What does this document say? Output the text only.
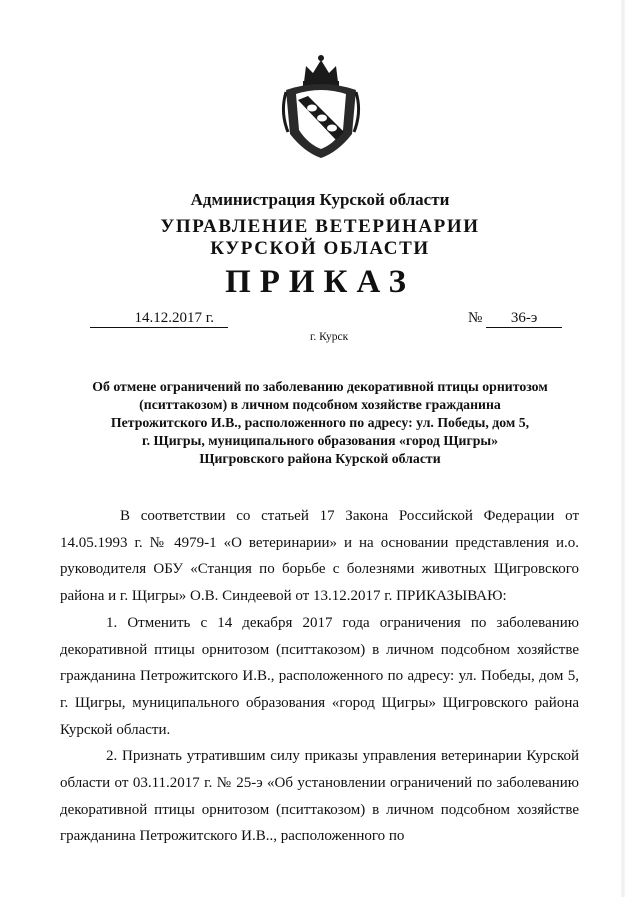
Администрация Курской области
УПРАВЛЕНИЕ ВЕТЕРИНАРИИ
КУРСКОЙ ОБЛАСТИ
ПРИКАЗ
14.12.2017 г.	№ 36-э
г. Курск
Об отмене ограничений по заболеванию декоративной птицы орнитозом
(пситтакозом) в личном подсобном хозяйстве гражданина
Петрожитского И.В., расположенного по адресу: ул. Победы, дом 5,
г. Щигры, муниципального образования «город Щигры»
Щигровского района Курской области

В соответствии со статьей 17 Закона Российской Федерации от 14.05.1993 г. № 4979-1 «О ветеринарии» и на основании представления и.о. руководителя ОБУ «Станция по борьбе с болезнями животных Щигровского района и г. Щигры» О.В. Синдеевой от 13.12.2017 г. ПРИКАЗЫВАЮ:

1. Отменить с 14 декабря 2017 года ограничения по заболеванию декоративной птицы орнитозом (пситтакозом) в личном подсобном хозяйстве гражданина Петрожитского И.В., расположенного по адресу: ул. Победы, дом 5, г. Щигры, муниципального образования «город Щигры» Щигровского района Курской области.

2. Признать утратившим силу приказы управления ветеринарии Курской области от 03.11.2017 г. № 25-э «Об установлении ограничений по заболеванию декоративной птицы орнитозом (пситтакозом) в личном подсобном хозяйстве гражданина Петрожитского И.В.., расположенного по
